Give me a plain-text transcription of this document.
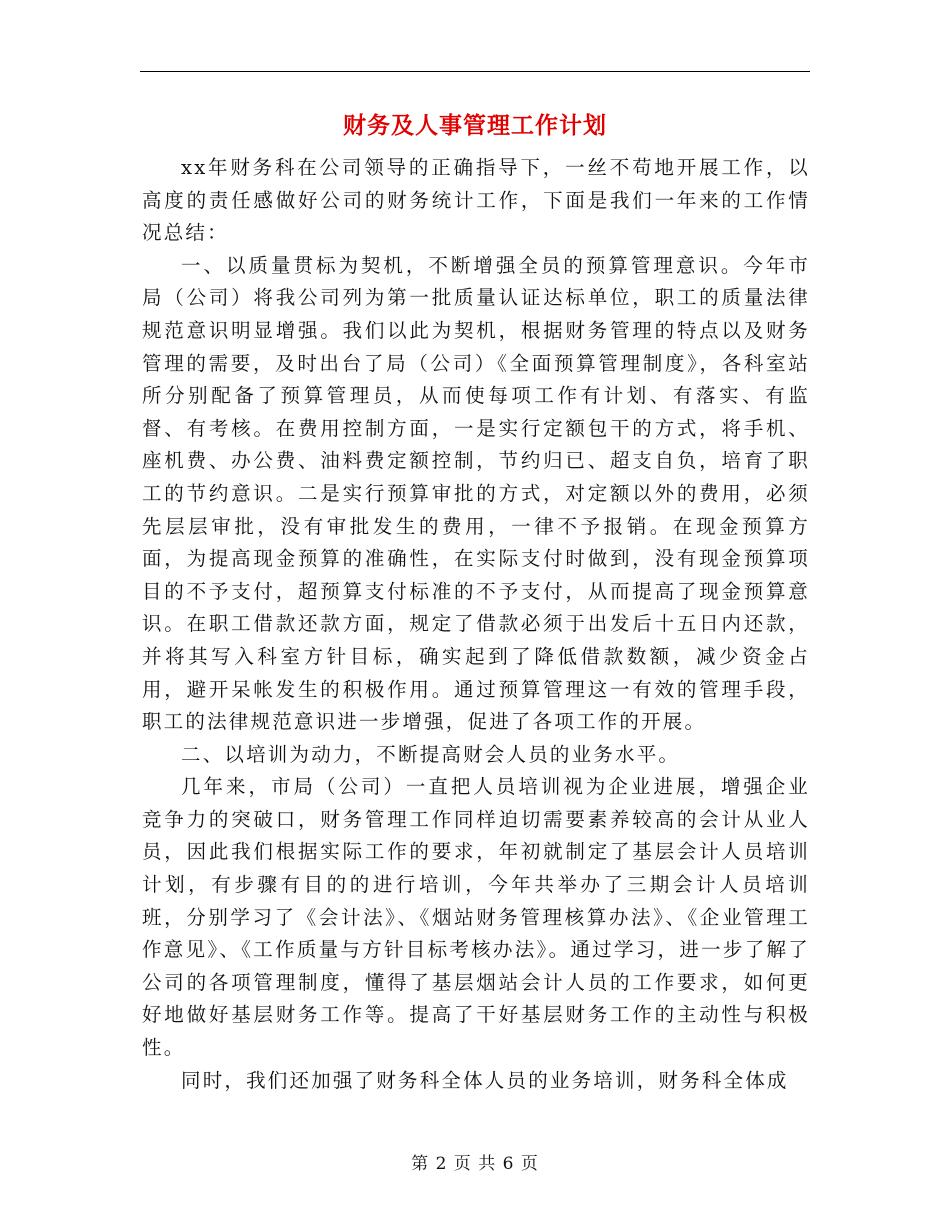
财务及人事管理工作计划

xx年财务科在公司领导的正确指导下，一丝不苟地开展工作，以高度的责任感做好公司的财务统计工作，下面是我们一年来的工作情况总结：

一、以质量贯标为契机，不断增强全员的预算管理意识。今年市局（公司）将我公司列为第一批质量认证达标单位，职工的质量法律规范意识明显增强。我们以此为契机，根据财务管理的特点以及财务管理的需要，及时出台了局（公司）《全面预算管理制度》，各科室站所分别配备了预算管理员，从而使每项工作有计划、有落实、有监督、有考核。在费用控制方面，一是实行定额包干的方式，将手机、座机费、办公费、油料费定额控制，节约归已、超支自负，培育了职工的节约意识。二是实行预算审批的方式，对定额以外的费用，必须先层层审批，没有审批发生的费用，一律不予报销。在现金预算方面，为提高现金预算的准确性，在实际支付时做到，没有现金预算项目的不予支付，超预算支付标准的不予支付，从而提高了现金预算意识。在职工借款还款方面，规定了借款必须于出发后十五日内还款，并将其写入科室方针目标，确实起到了降低借款数额，减少资金占用，避开呆帐发生的积极作用。通过预算管理这一有效的管理手段，职工的法律规范意识进一步增强，促进了各项工作的开展。

二、以培训为动力，不断提高财会人员的业务水平。

几年来，市局（公司）一直把人员培训视为企业进展，增强企业竞争力的突破口，财务管理工作同样迫切需要素养较高的会计从业人员，因此我们根据实际工作的要求，年初就制定了基层会计人员培训计划，有步骤有目的的进行培训，今年共举办了三期会计人员培训班，分别学习了《会计法》、《烟站财务管理核算办法》、《企业管理工作意见》、《工作质量与方针目标考核办法》。通过学习，进一步了解了公司的各项管理制度，懂得了基层烟站会计人员的工作要求，如何更好地做好基层财务工作等。提高了干好基层财务工作的主动性与积极性。

同时，我们还加强了财务科全体人员的业务培训，财务科全体成

第 2 页 共 6 页
